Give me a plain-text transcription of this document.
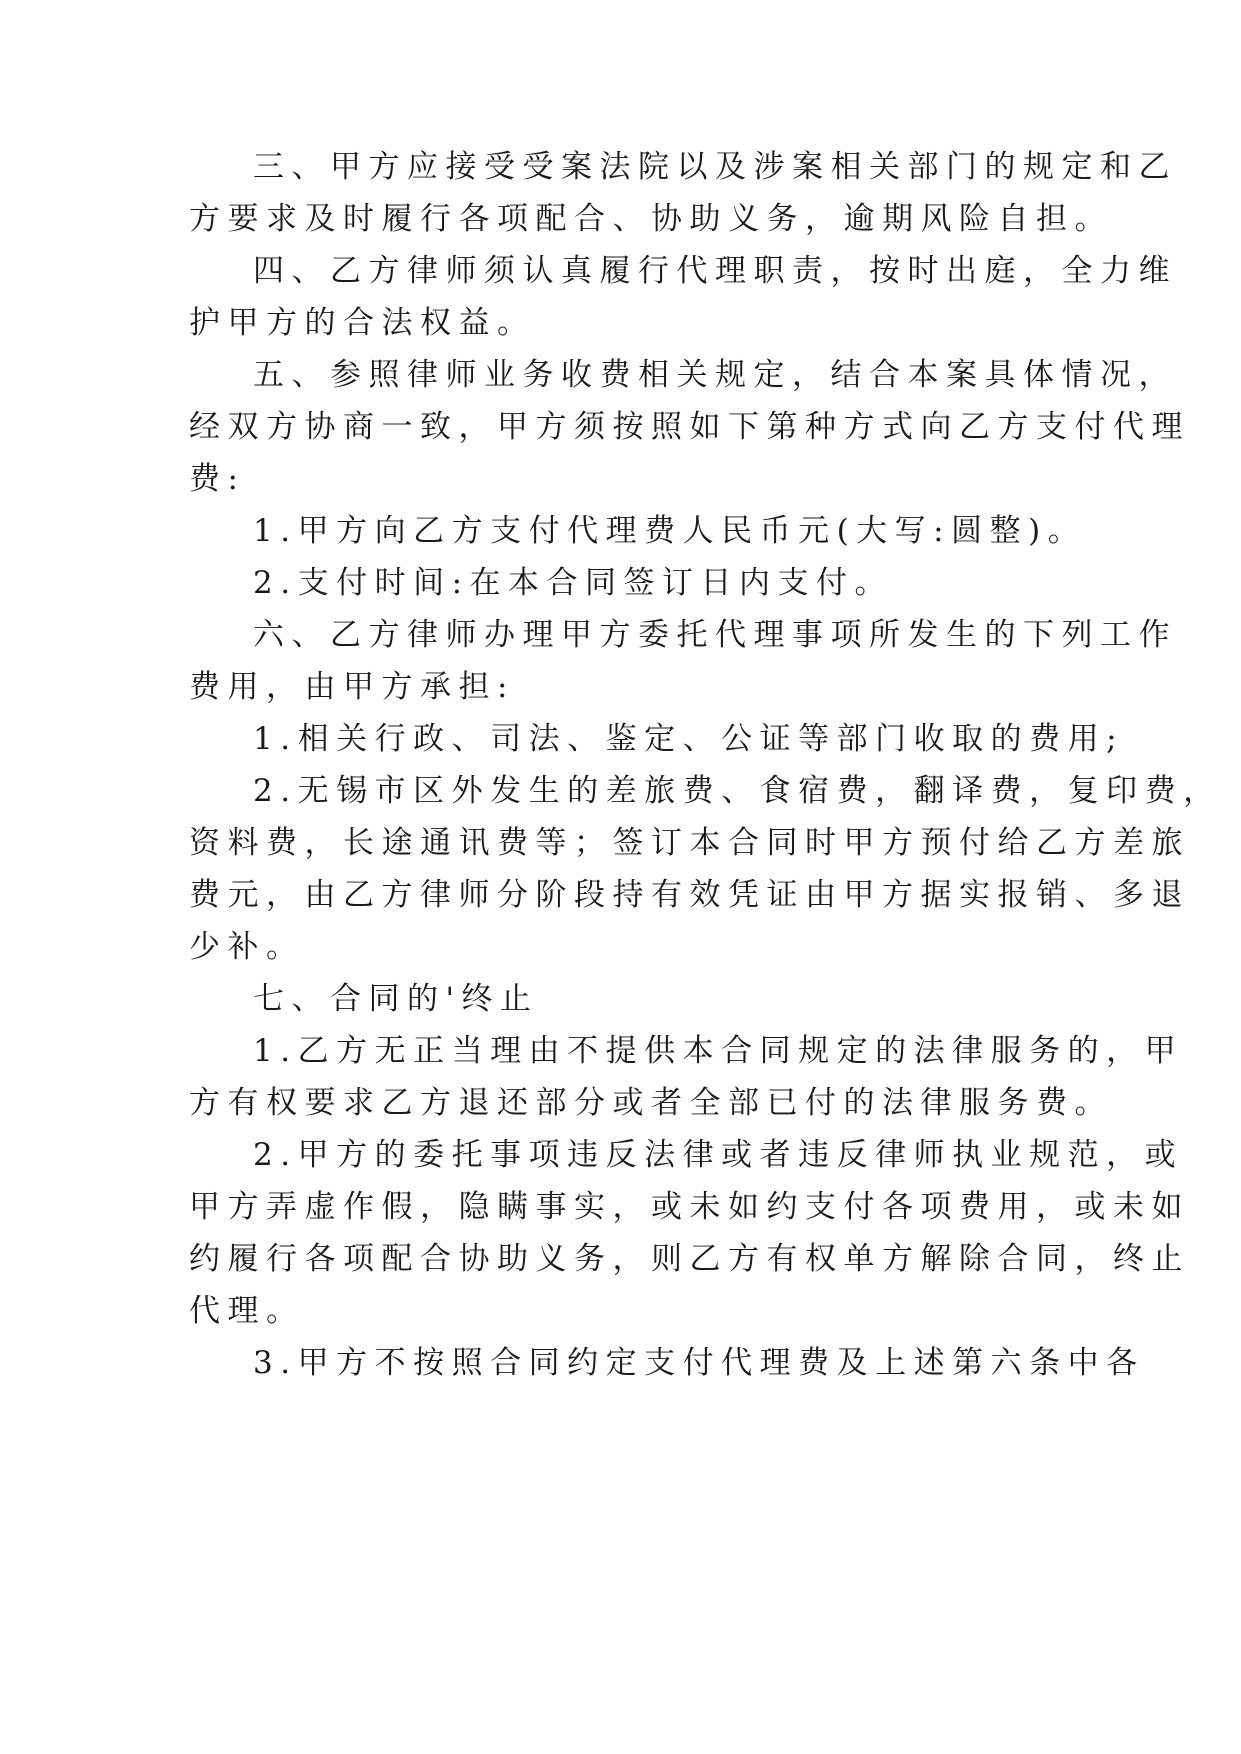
三、甲方应接受受案法院以及涉案相关部门的规定和乙
方要求及时履行各项配合、协助义务，逾期风险自担。
四、乙方律师须认真履行代理职责，按时出庭，全力维
护甲方的合法权益。
五、参照律师业务收费相关规定，结合本案具体情况，
经双方协商一致，甲方须按照如下第种方式向乙方支付代理
费:
1.甲方向乙方支付代理费人民币元(大写:圆整)。
2.支付时间:在本合同签订日内支付。
六、乙方律师办理甲方委托代理事项所发生的下列工作
费用，由甲方承担:
1.相关行政、司法、鉴定、公证等部门收取的费用;
2.无锡市区外发生的差旅费、食宿费，翻译费，复印费，
资料费，长途通讯费等；签订本合同时甲方预付给乙方差旅
费元，由乙方律师分阶段持有效凭证由甲方据实报销、多退
少补。
七、合同的'终止
1.乙方无正当理由不提供本合同规定的法律服务的，甲
方有权要求乙方退还部分或者全部已付的法律服务费。
2.甲方的委托事项违反法律或者违反律师执业规范，或
甲方弄虚作假，隐瞒事实，或未如约支付各项费用，或未如
约履行各项配合协助义务，则乙方有权单方解除合同，终止
代理。
3.甲方不按照合同约定支付代理费及上述第六条中各
